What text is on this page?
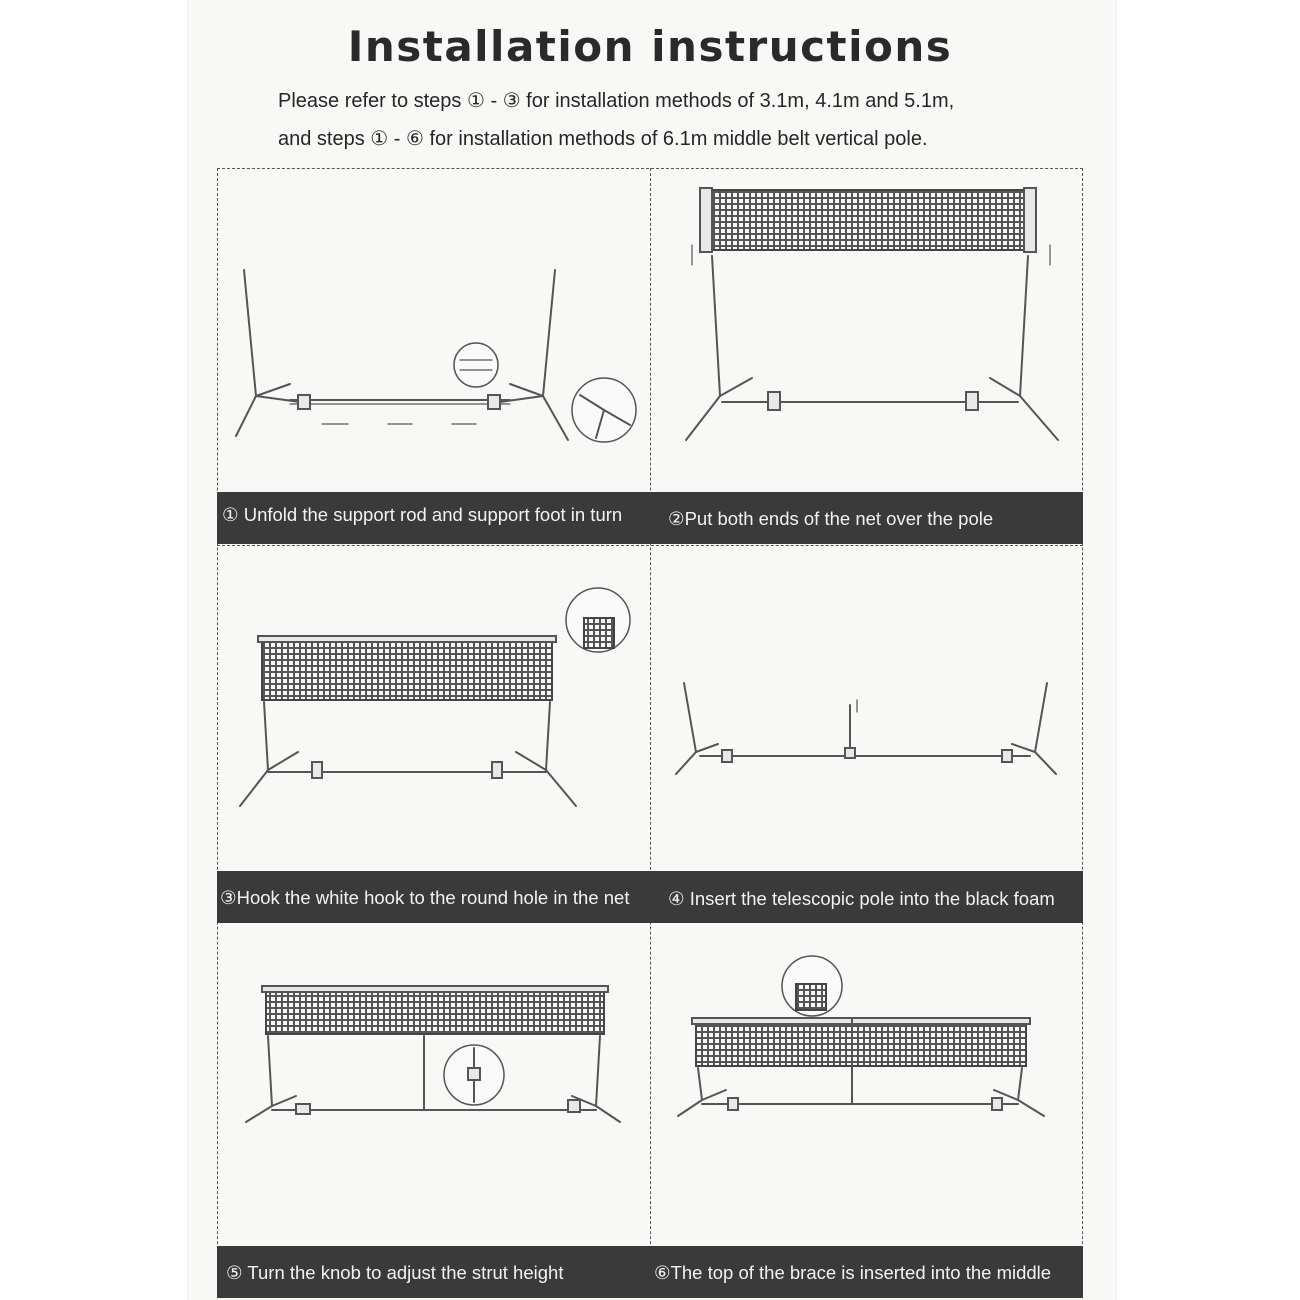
Installation instructions
Please refer to steps ① - ③ for installation methods of 3.1m, 4.1m and 5.1m,
and steps ① - ⑥ for installation methods of 6.1m middle belt vertical pole.
① Unfold the support rod and support foot in turn ②Put both ends of the net over the pole
③Hook the white hook to the round hole in the net ④ Insert the telescopic pole into the black foam
⑤ Turn the knob to adjust the strut height	⑥The top of the brace is inserted into the middle
